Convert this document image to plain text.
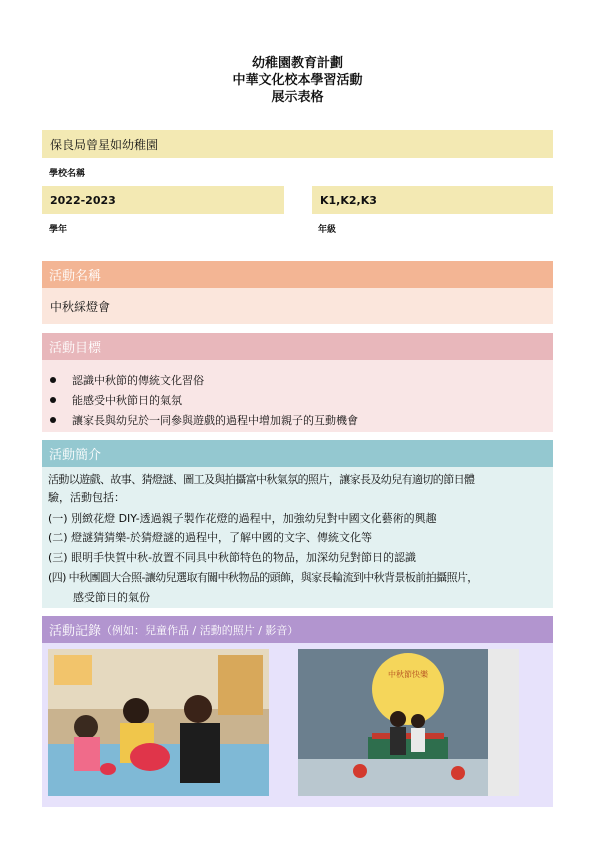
幼稚園教育計劃
中華文化校本學習活動
展示表格
保良局曾星如幼稚園
學校名稱
2022-2023	K1,K2,K3
學年	年級
活動名稱
中秋綵燈會
活動目標
認識中秋節的傳統文化習俗
能感受中秋節日的氣氛
讓家長與幼兒於一同參與遊戲的過程中增加親子的互動機會
活動簡介
活動以遊戲、故事、猜燈謎、圖工及與拍攝富中秋氣氛的照片，讓家長及幼兒有適切的節日體
驗，活動包括：
(一) 別緻花燈 DIY-透過親子製作花燈的過程中，加強幼兒對中國文化藝術的興趣
(二) 燈謎猜猜樂-於猜燈謎的過程中，了解中國的文字、傳統文化等
(三) 眼明手快賀中秋-放置不同具中秋節特色的物品，加深幼兒對節日的認識
(四) 中秋團圓大合照-讓幼兒選取有關中秋物品的頭飾，與家長輪流到中秋背景板前拍攝照片，
感受節日的氣份
活動記錄 （例如：兒童作品 / 活動的照片 / 影音）
中秋節快樂
